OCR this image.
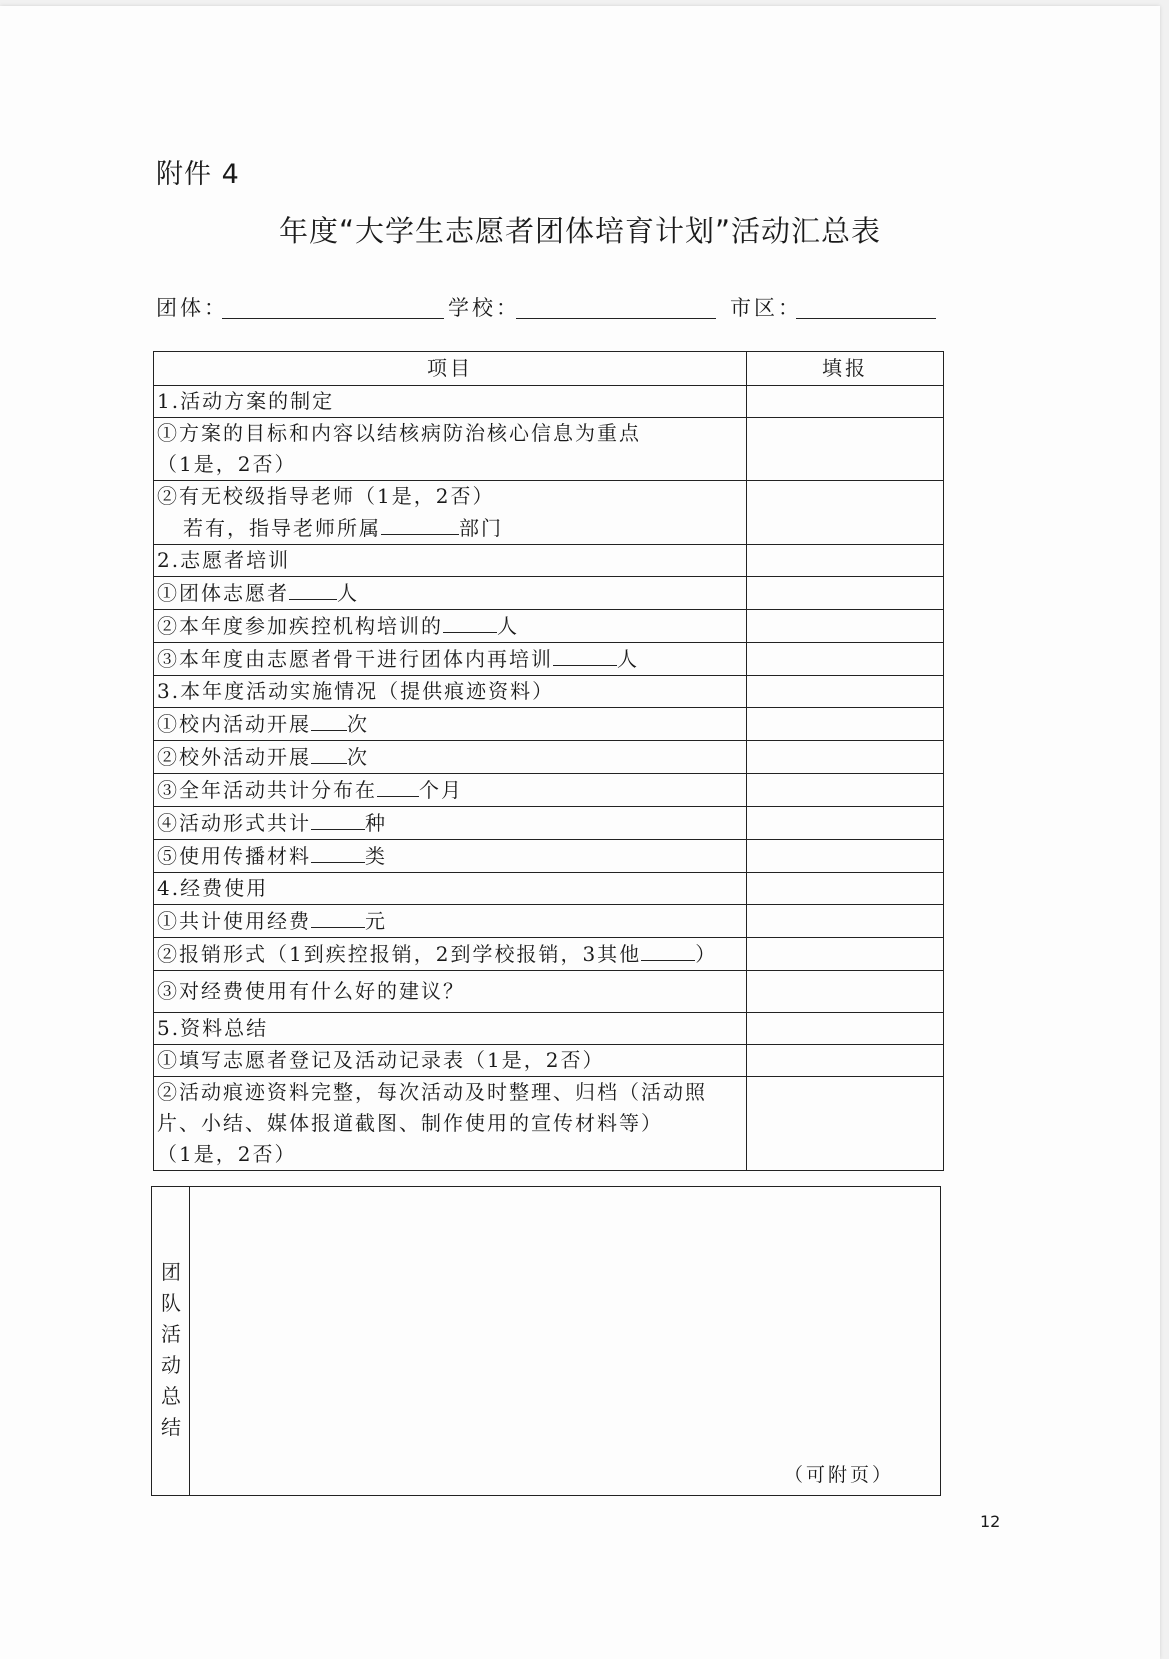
附件 4
年度“大学生志愿者团体培育计划”活动汇总表
团体：	学校：	市区：
项目	填报
1.活动方案的制定	

①方案的目标和内容以结核病防治核心信息为重点
（1是，2否）	

②有无校级指导老师（1是，2否）
若有，指导老师所属 部门	

2.志愿者培训	
①团体志愿者 人	
②本年度参加疾控机构培训的 人	
③本年度由志愿者骨干进行团体内再培训 人	
3.本年度活动实施情况（提供痕迹资料）	
①校内活动开展 次	
②校外活动开展 次	
③全年活动共计分布在 个月	
④活动形式共计 种	
⑤使用传播材料 类	
4.经费使用	
①共计使用经费 元	
②报销形式（1到疾控报销，2到学校报销，3其他 ）	

③对经费使用有什么好的建议？	

5.资料总结	

①填写志愿者登记及活动记录表（1是，2否）	

②活动痕迹资料完整，每次活动及时整理、归档（活动照片、小结、媒体报道截图、制作使用的宣传材料等）
（1是，2否）	

团
队
活
动
总
结
（可附页）
12
